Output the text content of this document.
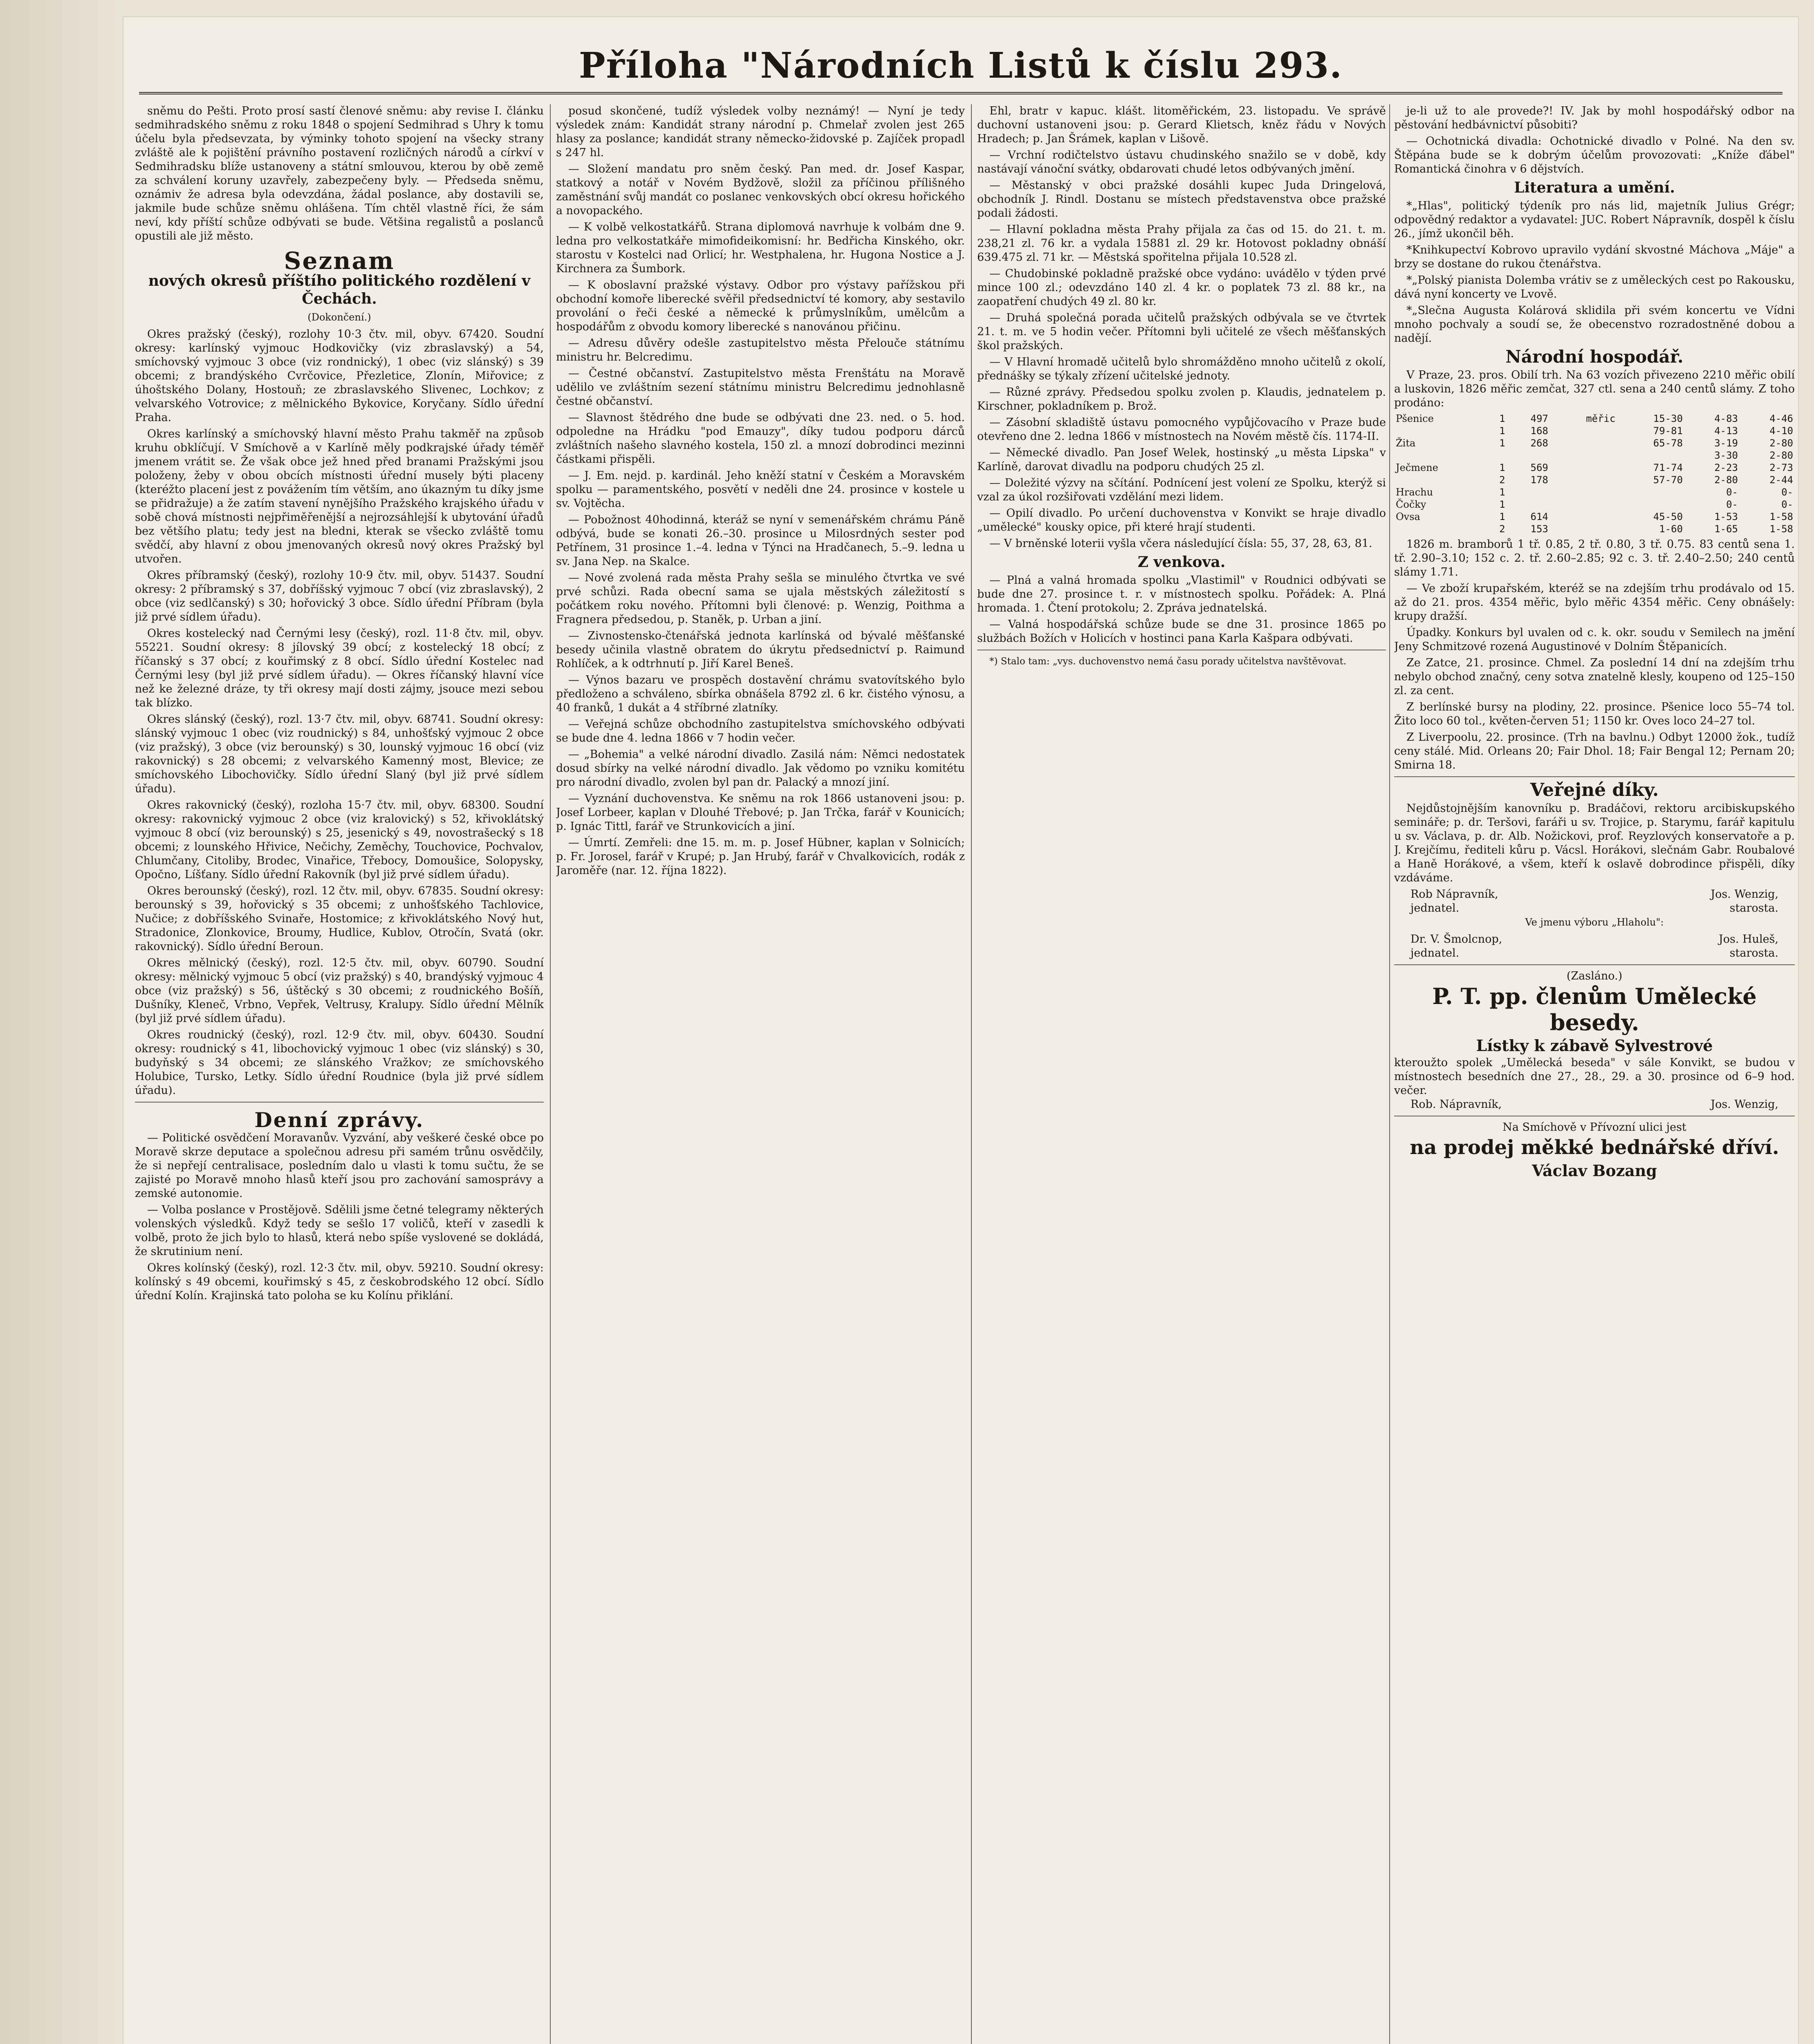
Příloha "Národních Listů k číslu 293.

sněmu do Pešti. Proto prosí sastí členové sněmu: aby revise I. článku sedmihradského sněmu z roku 1848 o spojení Sedmihrad s Uhry k tomu účelu byla předsevzata, by výminky tohoto spojení na všecky strany zvláště ale k pojištění právního postavení rozličných národů a církví v Sedmihradsku blíže ustanoveny a státní smlouvou, kterou by obě země za schválení koruny uzavřely, zabezpečeny byly. — Předseda sněmu, oznámiv že adresa byla odevzdána, žádal poslance, aby dostavili se, jakmile bude schůze sněmu ohlášena. Tím chtěl vlastně říci, že sám neví, kdy příští schůze odbývati se bude. Většina regalistů a poslanců opustili ale již město.

Seznam
nových okresů příštího politického rozdělení v Čechách.
(Dokončení.)

Okres pražský (český), rozlohy 10·3 čtv. mil, obyv. 67420. Soudní okresy: karlínský vyjmouc Hodkovičky (viz zbraslavský) a 54, smíchovský vyjmouc 3 obce (viz rondnický), 1 obec (viz slánský) s 39 obcemi; z brandýského Cvrčovice, Přezletice, Zlonín, Miřovice; z úhoštského Dolany, Hostouň; ze zbraslavského Slivenec, Lochkov; z velvarského Votrovice; z mělnického Bykovice, Koryčany. Sídlo úřední Praha.

Okres karlínský a smíchovský hlavní město Prahu takměř na způsob kruhu obklíčují. V Smíchově a v Karlíně měly podkrajské úřady téměř jmenem vrátit se. Že však obce jež hned před branami Pražskými jsou položeny, žeby v obou obcích místnosti úřední musely býti placeny (kteréžto placení jest z povážením tím větším, ano úkazným tu díky jsme se přidražuje) a že zatím stavení nynějšího Pražského krajského úřadu v sobě chová místnosti nejpřiměřenější a nejrozsáhlejší k ubytování úřadů bez většího platu; tedy jest na bledni, kterak se všecko zvláště tomu svědčí, aby hlavní z obou jmenovaných okresů nový okres Pražský byl utvořen.

Okres příbramský (český), rozlohy 10·9 čtv. mil, obyv. 51437. Soudní okresy: 2 příbramský s 37, dobříšský vyjmouc 7 obcí (viz zbraslavský), 2 obce (viz sedlčanský) s 30; hořovický 3 obce. Sídlo úřední Příbram (byla již prvé sídlem úřadu).

Okres kostelecký nad Černými lesy (český), rozl. 11·8 čtv. mil, obyv. 55221. Soudní okresy: 8 jílovský 39 obcí; z kostelecký 18 obcí; z říčanský s 37 obcí; z kouřimský z 8 obcí. Sídlo úřední Kostelec nad Černými lesy (byl již prvé sídlem úřadu). — Okres říčanský hlavní více než ke železné dráze, ty tři okresy mají dosti zájmy, jsouce mezi sebou tak blízko.

Okres slánský (český), rozl. 13·7 čtv. mil, obyv. 68741. Soudní okresy: slánský vyjmouc 1 obec (viz roudnický) s 84, unhošťský vyjmouc 2 obce (viz pražský), 3 obce (viz berounský) s 30, lounský vyjmouc 16 obcí (viz rakovnický) s 28 obcemi; z velvarského Kamenný most, Blevice; ze smíchovského Libochovičky. Sídlo úřední Slaný (byl již prvé sídlem úřadu).

Okres rakovnický (český), rozloha 15·7 čtv. mil, obyv. 68300. Soudní okresy: rakovnický vyjmouc 2 obce (viz kralovický) s 52, křivoklátský vyjmouc 8 obcí (viz berounský) s 25, jesenický s 49, novostrašecký s 18 obcemi; z lounského Hřivice, Nečichy, Zeměchy, Touchovice, Pochvalov, Chlumčany, Citoliby, Brodec, Vinařice, Třebocy, Domoušice, Solopysky, Opočno, Líšťany. Sídlo úřední Rakovník (byl již prvé sídlem úřadu).

Okres berounský (český), rozl. 12 čtv. mil, obyv. 67835. Soudní okresy: berounský s 39, hořovický s 35 obcemi; z unhošťského Tachlovice, Nučice; z dobříšského Svinaře, Hostomice; z křivoklátského Nový hut, Stradonice, Zlonkovice, Broumy, Hudlice, Kublov, Otročín, Svatá (okr. rakovnický). Sídlo úřední Beroun.

Okres mělnický (český), rozl. 12·5 čtv. mil, obyv. 60790. Soudní okresy: mělnický vyjmouc 5 obcí (viz pražský) s 40, brandýský vyjmouc 4 obce (viz pražský) s 56, úštěcký s 30 obcemi; z roudnického Bošíň, Dušníky, Kleneč, Vrbno, Vepřek, Veltrusy, Kralupy. Sídlo úřední Mělník (byl již prvé sídlem úřadu).

Okres roudnický (český), rozl. 12·9 čtv. mil, obyv. 60430. Soudní okresy: roudnický s 41, libochovický vyjmouc 1 obec (viz slánský) s 30, budyňský s 34 obcemi; ze slánského Vražkov; ze smíchovského Holubice, Tursko, Letky. Sídlo úřední Roudnice (byla již prvé sídlem úřadu).

Denní zprávy.

— Politické osvědčení Moravanův. Vyzvání, aby veškeré české obce po Moravě skrze deputace a společnou adresu při samém trůnu osvědčily, že si nepřejí centralisace, posledním dalo u vlasti k tomu sučtu, že se zajisté po Moravě mnoho hlasů kteří jsou pro zachování samosprávy a zemské autonomie.

— Volba poslance v Prostějově. Sdělili jsme četné telegramy některých volenských výsledků. Když tedy se sešlo 17 voličů, kteří v zasedli k volbě, proto že jich bylo to hlasů, která nebo spíše vyslovené se dokládá, že skrutinium není.

Okres kolínský (český), rozl. 12·3 čtv. mil, obyv. 59210. Soudní okresy: kolínský s 49 obcemi, kouřimský s 45, z českobrodského 12 obcí. Sídlo úřední Kolín. Krajinská tato poloha se ku Kolínu přiklání.

posud skončené, tudíž výsledek volby neznámý! — Nyní je tedy výsledek znám: Kandidát strany národní p. Chmelař zvolen jest 265 hlasy za poslance; kandidát strany německo-židovské p. Zajíček propadl s 247 hl.

— Složení mandatu pro sněm český. Pan med. dr. Josef Kaspar, statkový a notář v Novém Bydžově, složil za příčinou přílišného zaměstnání svůj mandát co poslanec venkovských obcí okresu hořického a novopackého.

— K volbě velkostatkářů. Strana diplomová navrhuje k volbám dne 9. ledna pro velkostatkáře mimofideikomisní: hr. Bedřicha Kinského, okr. starostu v Kostelci nad Orlicí; hr. Westphalena, hr. Hugona Nostice a J. Kirchnera za Šumbork.

— K oboslavní pražské výstavy. Odbor pro výstavy pařížskou při obchodní komoře liberecké svěřil předsednictví té komory, aby sestavilo provolání o řeči české a německé k průmyslníkům, umělcům a hospodářům z obvodu komory liberecké s nanovánou přičinu.

— Adresu důvěry odešle zastupitelstvo města Přelouče státnímu ministru hr. Belcredimu.

— Čestné občanství. Zastupitelstvo města Frenštátu na Moravě udělilo ve zvláštním sezení státnímu ministru Belcredimu jednohlasně čestné občanství.

— Slavnost štědrého dne bude se odbývati dne 23. ned. o 5. hod. odpoledne na Hrádku "pod Emauzy", díky tudou podporu dárců zvláštních našeho slavného kostela, 150 zl. a mnozí dobrodinci mezinni částkami přispěli.

— J. Em. nejd. p. kardinál. Jeho kněží statní v Českém a Moravském spolku — paramentského, posvětí v neděli dne 24. prosince v kostele u sv. Vojtěcha.

— Pobožnost 40hodinná, kteráž se nyní v semenářském chrámu Páně odbývá, bude se konati 26.–30. prosince u Milosrdných sester pod Petřínem, 31 prosince 1.–4. ledna v Týnci na Hradčanech, 5.–9. ledna u sv. Jana Nep. na Skalce.

— Nové zvolená rada města Prahy sešla se minulého čtvrtka ve své prvé schůzi. Rada obecní sama se ujala městských záležitostí s počátkem roku nového. Přítomni byli členové: p. Wenzig, Poithma a Fragnera předsedou, p. Staněk, p. Urban a jiní.

— Zivnostensko-čtenářská jednota karlínská od bývalé měšťanské besedy učinila vlastně obratem do úkrytu předsednictví p. Raimund Rohlíček, a k odtrhnutí p. Jiří Karel Beneš.

— Výnos bazaru ve prospěch dostavění chrámu svatovítského bylo předloženo a schváleno, sbírka obnášela 8792 zl. 6 kr. čistého výnosu, a 40 franků, 1 dukát a 4 stříbrné zlatníky.

— Veřejná schůze obchodního zastupitelstva smíchovského odbývati se bude dne 4. ledna 1866 v 7 hodin večer.

— „Bohemia" a velké národní divadlo. Zasilá nám: Němci nedostatek dosud sbírky na velké národní divadlo. Jak vědomo po vzniku komitétu pro národní divadlo, zvolen byl pan dr. Palacký a mnozí jiní.

— Vyznání duchovenstva. Ke sněmu na rok 1866 ustanoveni jsou: p. Josef Lorbeer, kaplan v Dlouhé Třebové; p. Jan Trčka, farář v Kounicích; p. Ignác Tittl, farář ve Strunkovicích a jiní.

— Úmrtí. Zemřeli: dne 15. m. m. p. Josef Hübner, kaplan v Solnicích; p. Fr. Jorosel, farář v Krupé; p. Jan Hrubý, farář v Chvalkovicích, rodák z Jaroměře (nar. 12. října 1822).

Ehl, bratr v kapuc. klášt. litoměřickém, 23. listopadu. Ve správě duchovní ustanoveni jsou: p. Gerard Klietsch, kněz řádu v Nových Hradech; p. Jan Šrámek, kaplan v Lišově.

— Vrchní rodičtelstvo ústavu chudinského snažilo se v době, kdy nastávají vánoční svátky, obdarovati chudé letos odbývaných jmění.

— Městanský v obci pražské dosáhli kupec Juda Dringelová, obchodník J. Rindl. Dostanu se místech představenstva obce pražské podali žádosti.

— Hlavní pokladna města Prahy přijala za čas od 15. do 21. t. m. 238,21 zl. 76 kr. a vydala 15881 zl. 29 kr. Hotovost pokladny obnáší 639.475 zl. 71 kr. — Městská spořitelna přijala 10.528 zl.

— Chudobinské pokladně pražské obce vydáno: uvádělo v týden prvé mince 100 zl.; odevzdáno 140 zl. 4 kr. o poplatek 73 zl. 88 kr., na zaopatření chudých 49 zl. 80 kr.

— Druhá společná porada učitelů pražských odbývala se ve čtvrtek 21. t. m. ve 5 hodin večer. Přítomni byli učitelé ze všech měšťanských škol pražských.

— V Hlavní hromadě učitelů bylo shromážděno mnoho učitelů z okolí, přednášky se týkaly zřízení učitelské jednoty.

— Různé zprávy. Předsedou spolku zvolen p. Klaudis, jednatelem p. Kirschner, pokladníkem p. Brož.

— Zásobní skladiště ústavu pomocného vypůjčovacího v Praze bude otevřeno dne 2. ledna 1866 v místnostech na Novém městě čís. 1174-II.

— Německé divadlo. Pan Josef Welek, hostinský „u města Lipska" v Karlíně, darovat divadlu na podporu chudých 25 zl.

— Doležité výzvy na sčítání. Podnícení jest volení ze Spolku, kterýž si vzal za úkol rozšiřovati vzdělání mezi lidem.

— Opilí divadlo. Po určení duchovenstva v Konvikt se hraje divadlo „umělecké" kousky opice, při které hrají studenti.

— V brněnské loterii vyšla včera následující čísla: 55, 37, 28, 63, 81.

Z venkova.

— Plná a valná hromada spolku „Vlastimil" v Roudnici odbývati se bude dne 27. prosince t. r. v místnostech spolku. Pořádek: A. Plná hromada. 1. Čtení protokolu; 2. Zpráva jednatelská.

— Valná hospodářská schůze bude se dne 31. prosince 1865 po službách Božích v Holicích v hostinci pana Karla Kašpara odbývati.

*) Stalo tam: „vys. duchovenstvo nemá času porady učitelstva navštěvovat.

je-li už to ale provede?! IV. Jak by mohl hospodářský odbor na pěstování hedbávnictví působiti?

— Ochotnická divadla: Ochotnické divadlo v Polné. Na den sv. Štěpána bude se k dobrým účelům provozovati: „Kníže ďábel" Romantická činohra v 6 dějstvích.

Literatura a umění.

*„Hlas", politický týdeník pro nás lid, majetník Julius Grégr; odpovědný redaktor a vydavatel: JUC. Robert Nápravník, dospěl k číslu 26., jímž ukončil běh.

*Knihkupectví Kobrovo upravilo vydání skvostné Máchova „Máje" a brzy se dostane do rukou čtenářstva.

*„Polský pianista Dolemba vrátiv se z uměleckých cest po Rakousku, dává nyní koncerty ve Lvově.

*„Slečna Augusta Kolárová sklidila při svém koncertu ve Vídni mnoho pochvaly a soudí se, že obecenstvo rozradostněné dobou a nadějí.

Národní hospodář.

V Praze, 23. pros. Obilí trh. Na 63 vozích přivezeno 2210 měřic obilí a luskovin, 1826 měřic zemčat, 327 ctl. sena a 240 centů slámy. Z toho prodáno:

Pšenice	1	497	měřic	15-30	4-83	4-46
	1	168		79-81	4-13	4-10
Žita	1	268		65-78	3-19	2-80
					3-30	2-80
Ječmene	1	569		71-74	2-23	2-73
	2	178		57-70	2-80	2-44
Hrachu	1				0-	0-
Čočky	1				0-	0-
Ovsa	1	614		45-50	1-53	1-58
	2	153		1-60	1-65	1-58

1826 m. bramborů 1 tř. 0.85, 2 tř. 0.80, 3 tř. 0.75. 83 centů sena 1. tř. 2.90–3.10; 152 c. 2. tř. 2.60–2.85; 92 c. 3. tř. 2.40–2.50; 240 centů slámy 1.71.

— Ve zboží krupařském, kteréž se na zdejším trhu prodávalo od 15. až do 21. pros. 4354 měřic, bylo měřic 4354 měřic. Ceny obnášely: krupy dražší.

Úpadky. Konkurs byl uvalen od c. k. okr. soudu v Semilech na jmění Jeny Schmitzové rozená Augustinové v Dolním Štěpanicích.

Ze Zatce, 21. prosince. Chmel. Za poslední 14 dní na zdejším trhu nebylo obchod značný, ceny sotva znatelně klesly, koupeno od 125–150 zl. za cent.

Z berlínské bursy na plodiny, 22. prosince. Pšenice loco 55–74 tol. Žito loco 60 tol., květen-červen 51; 1150 kr. Oves loco 24–27 tol.

Z Liverpoolu, 22. prosince. (Trh na bavlnu.) Odbyt 12000 žok., tudíž ceny stálé. Mid. Orleans 20; Fair Dhol. 18; Fair Bengal 12; Pernam 20; Smirna 18.

Veřejné díky.

Nejdůstojnějším kanovníku p. Bradáčovi, rektoru arcibiskupského semináře; p. dr. Teršovi, faráři u sv. Trojice, p. Starymu, farář kapitulu u sv. Václava, p. dr. Alb. Nožickovi, prof. Reyzlových konservatoře a p. J. Krejčímu, řediteli kůru p. Vácsl. Horákovi, slečnám Gabr. Roubalové a Haně Horákové, a všem, kteří k oslavě dobrodince přispěli, díky vzdáváme.

Rob Nápravník,	Jos. Wenzig,
jednatel.	starosta.
Ve jmenu výboru „Hlaholu":
Dr. V. Šmolcnop,	Jos. Huleš,
jednatel.	starosta.
(Zasláno.)
P. T. pp. členům Umělecké besedy.
Lístky k zábavě Sylvestrové
kteroužto spolek „Umělecká beseda" v sále Konvikt, se budou v místnostech besedních dne 27., 28., 29. a 30. prosince od 6–9 hod. večer.
Rob. Nápravník,	Jos. Wenzig,
Na Smíchově v Přívozní ulici jest
na prodej měkké bednářské dříví.
Václav Bozang
